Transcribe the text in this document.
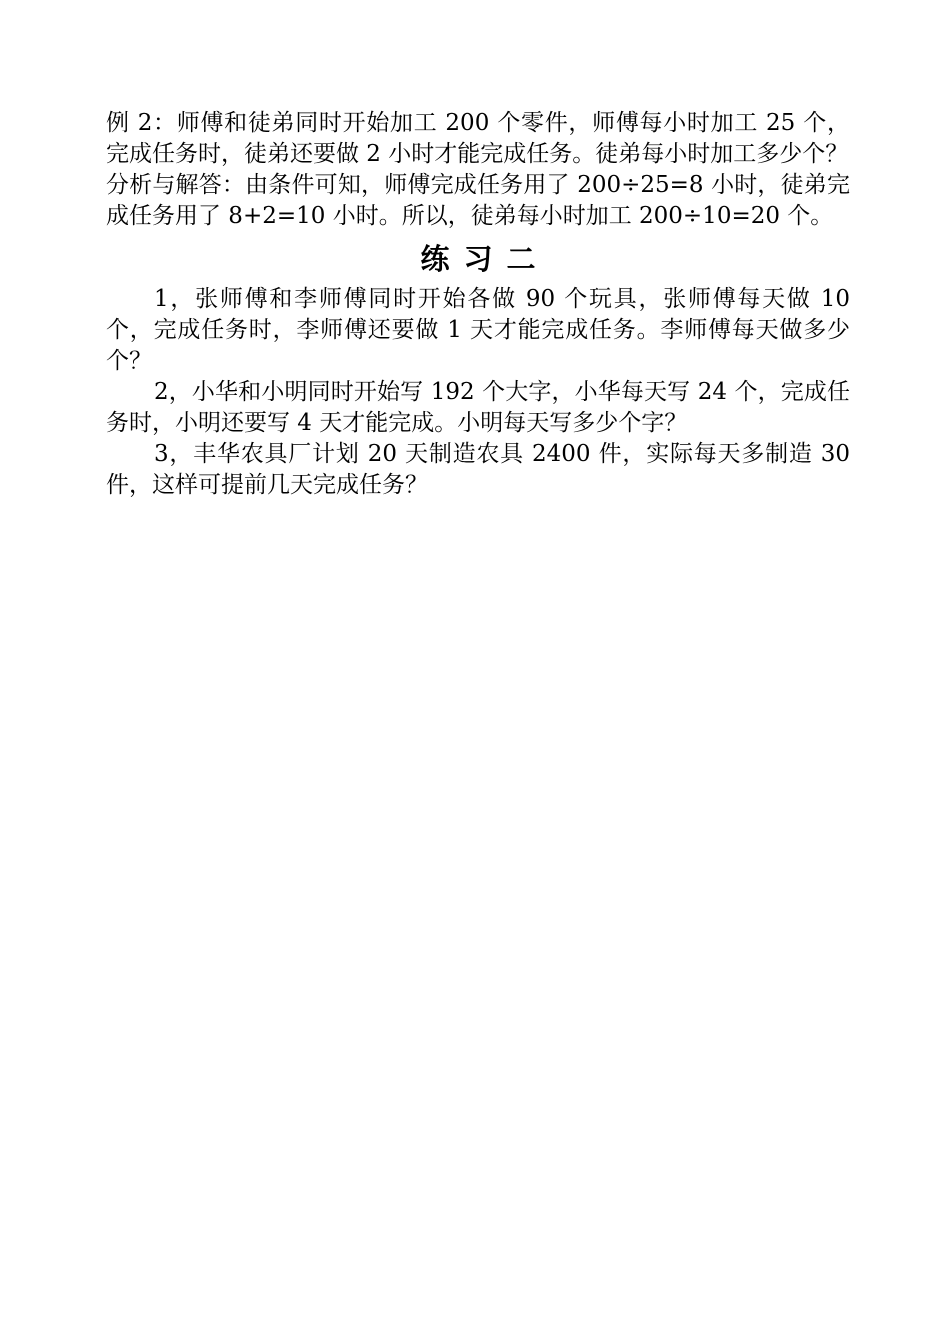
例 2：师傅和徒弟同时开始加工 200 个零件，师傅每小时加工 25 个，完成任务时，徒弟还要做 2 小时才能完成任务。徒弟每小时加工多少个？

分析与解答：由条件可知，师傅完成任务用了 200÷25=8 小时，徒弟完成任务用了 8+2=10 小时。所以，徒弟每小时加工 200÷10=20 个。

练习二

1，张师傅和李师傅同时开始各做 90 个玩具，张师傅每天做 10 个，完成任务时，李师傅还要做 1 天才能完成任务。李师傅每天做多少个？

2，小华和小明同时开始写 192 个大字，小华每天写 24 个，完成任务时，小明还要写 4 天才能完成。小明每天写多少个字？

3，丰华农具厂计划 20 天制造农具 2400 件，实际每天多制造 30 件，这样可提前几天完成任务？
